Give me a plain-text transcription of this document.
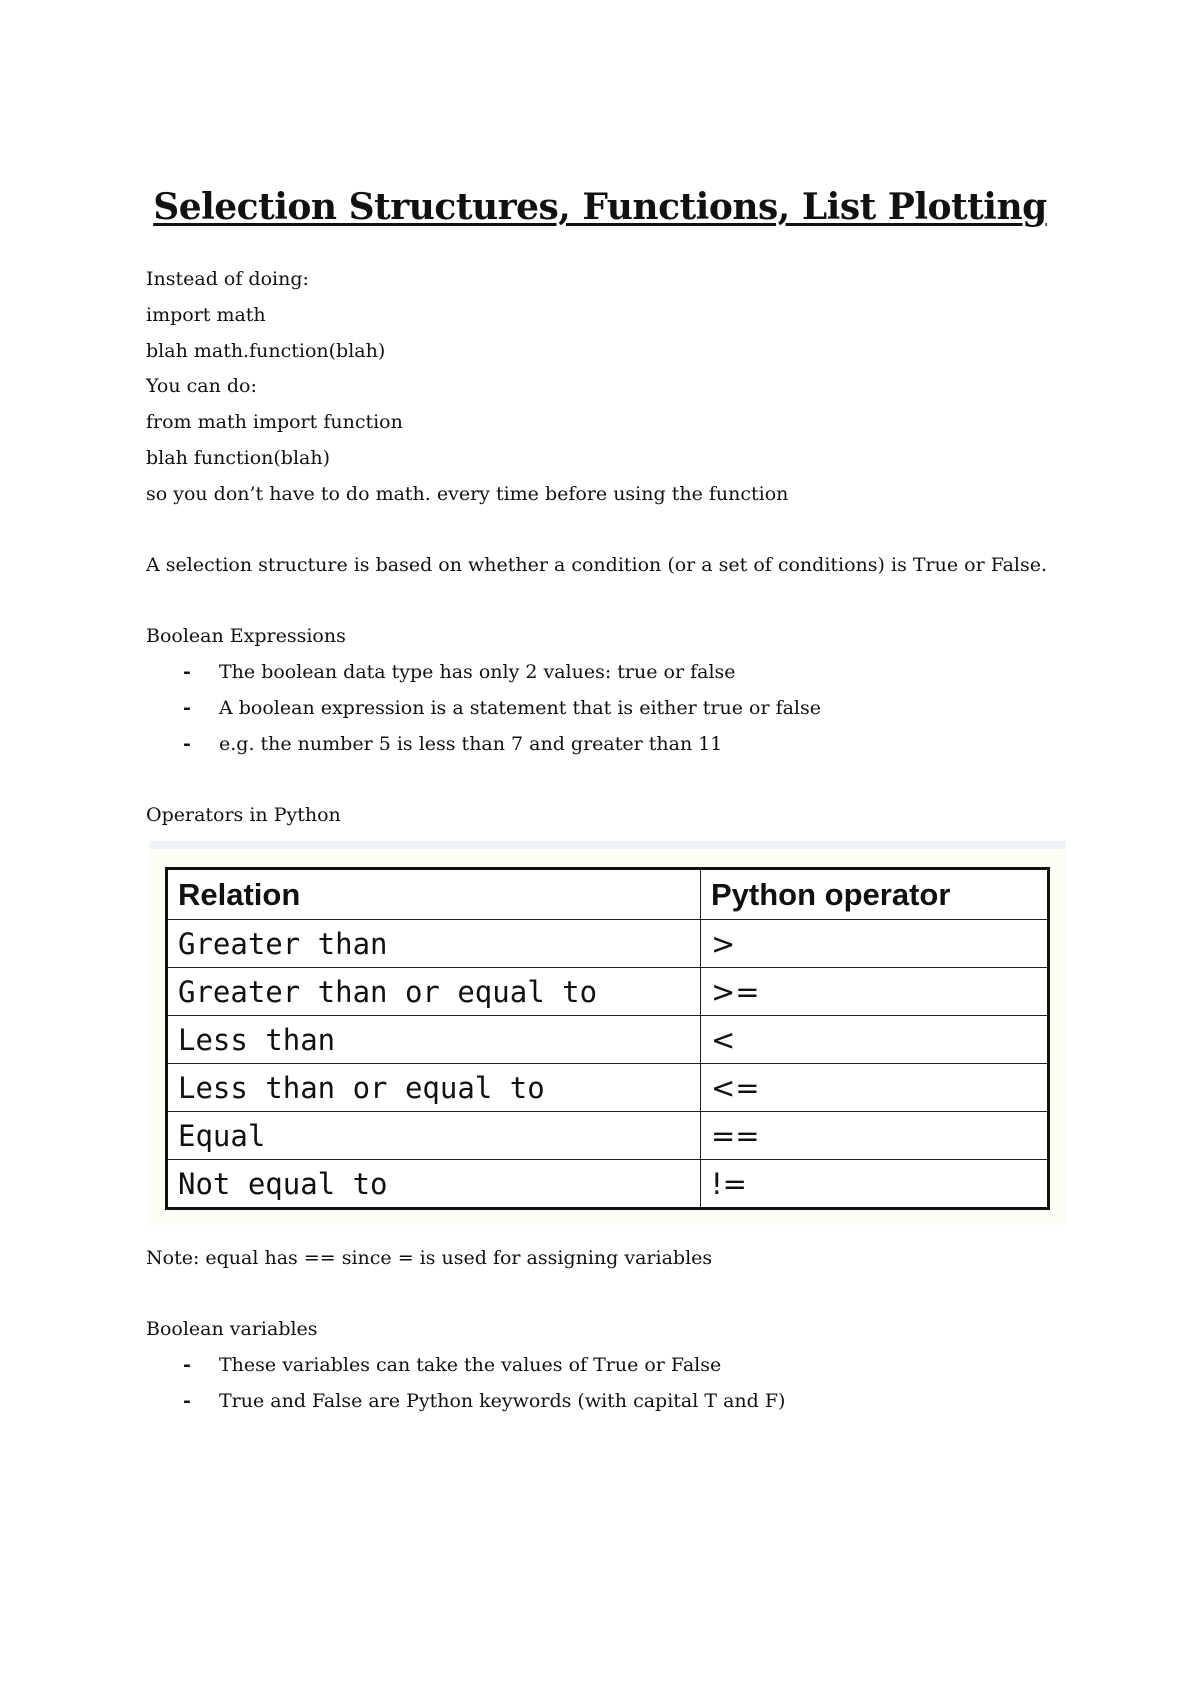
Selection Structures, Functions, List Plotting

Instead of doing:

import math

blah math.function(blah)

You can do:

from math import function

blah function(blah)

so you don’t have to do math. every time before using the function

A selection structure is based on whether a condition (or a set of conditions) is True or False.

Boolean Expressions

- The boolean data type has only 2 values: true or false

- A boolean expression is a statement that is either true or false

- e.g. the number 5 is less than 7 and greater than 11

Operators in Python

Relation	Python operator
Greater than	>
Greater than or equal to	>=
Less than	<
Less than or equal to	<=
Equal	==
Not equal to	!=

Note: equal has == since = is used for assigning variables

Boolean variables

- These variables can take the values of True or False

- True and False are Python keywords (with capital T and F)
